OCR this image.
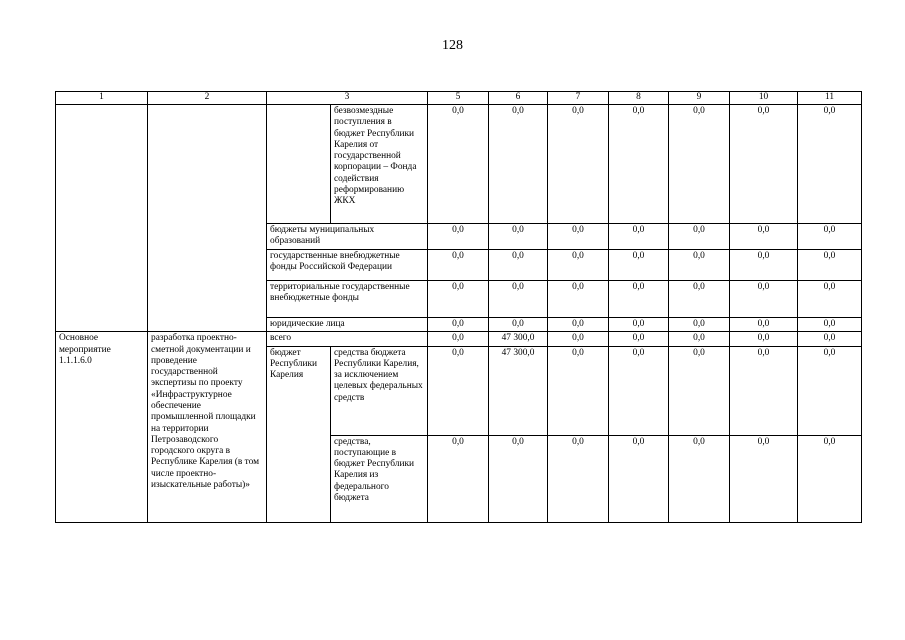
128
1	2	3		5	6	7	8	9	10	11
			безвозмездные поступления в бюджет Республики Карелия от государственной корпорации – Фонда содействия реформированию ЖКХ	0,0	0,0	0,0	0,0	0,0	0,0	0,0
		бюджеты муниципальных образований		0,0	0,0	0,0	0,0	0,0	0,0	0,0
		государственные внебюджетные фонды Российской Федерации		0,0	0,0	0,0	0,0	0,0	0,0	0,0
		территориальные государственные внебюджетные фонды		0,0	0,0	0,0	0,0	0,0	0,0	0,0
		юридические лица		0,0	0,0	0,0	0,0	0,0	0,0	0,0
Основное мероприятие 1.1.1.6.0	разработка проектно-сметной документации и проведение государственной экспертизы по проекту «Инфраструктурное обеспечение промышленной площадки на территории Петрозаводского городского округа в Республике Карелия (в том числе проектно-изыскательные работы)»	всего		0,0	47 300,0	0,0	0,0	0,0	0,0	0,0
		бюджет Республики Карелия	средства бюджета Республики Карелия, за исключением целевых федеральных средств	0,0	47 300,0	0,0	0,0	0,0	0,0	0,0
			средства, поступающие в бюджет Республики Карелия из федерального бюджета	0,0	0,0	0,0	0,0	0,0	0,0	0,0
